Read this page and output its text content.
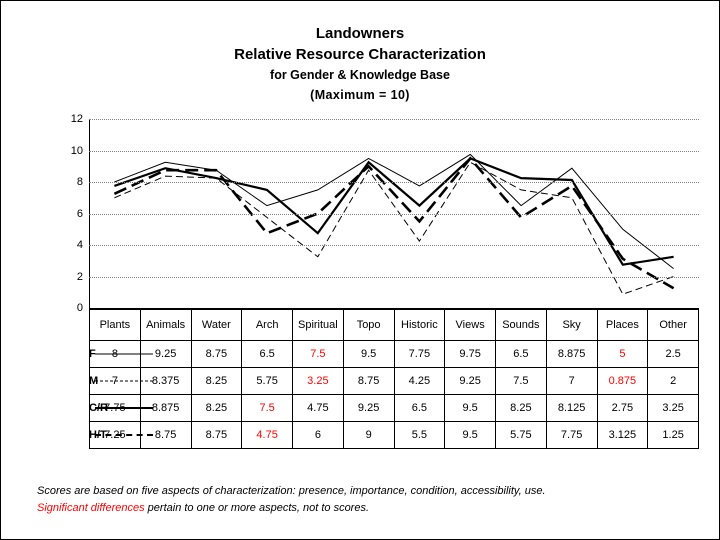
Landowners
Relative Resource Characterization
for Gender & Knowledge Base
(Maximum = 10)
0
2
4
6
8
10
12
	Plants	Animals	Water	Arch	Spiritual	Topo	Historic	Views	Sounds	Sky	Places	Other

F	8	9.25	8.75	6.5	7.5	9.5	7.75	9.75	6.5	8.875	5	2.5

M	7	8.375	8.25	5.75	3.25	8.75	4.25	9.25	7.5	7	0.875	2

C/R	7.75	8.875	8.25	7.5	4.75	9.25	6.5	9.5	8.25	8.125	2.75	3.25

H/T	7.25	8.75	8.75	4.75	6	9	5.5	9.5	5.75	7.75	3.125	1.25
Scores are based on five aspects of characterization: presence, importance, condition, accessibility, use.
Significant differences pertain to one or more aspects, not to scores.
